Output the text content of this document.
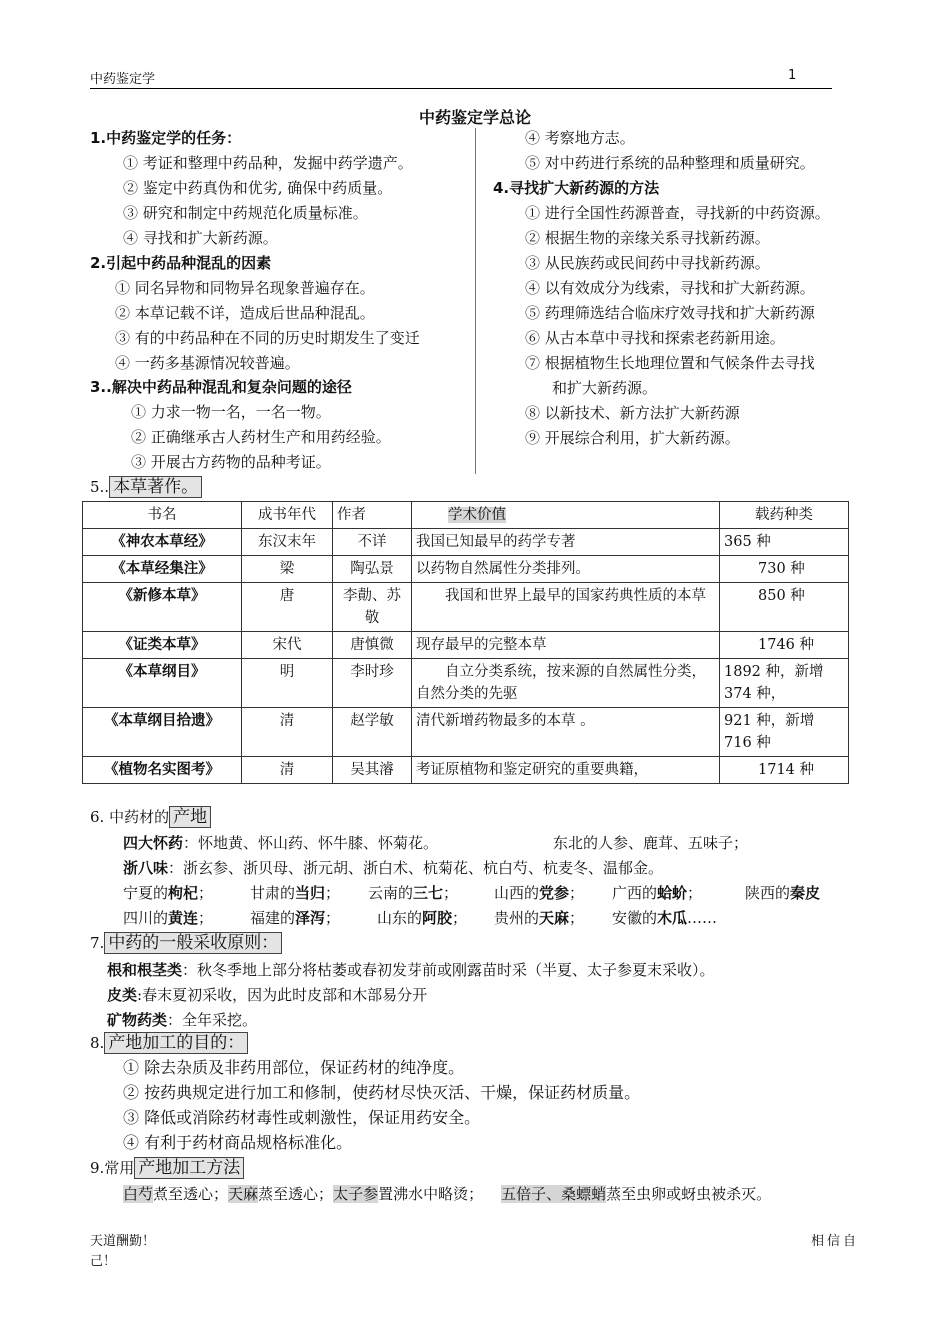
中药鉴定学	1
中药鉴定学总论
1.中药鉴定学的任务：
① 考证和整理中药品种，发掘中药学遗产。
② 鉴定中药真伪和优劣, 确保中药质量。
③ 研究和制定中药规范化质量标准。
④ 寻找和扩大新药源。
2.引起中药品种混乱的因素
① 同名异物和同物异名现象普遍存在。
② 本草记载不详，造成后世品种混乱。
③ 有的中药品种在不同的历史时期发生了变迁
④ 一药多基源情况较普遍。
3..解决中药品种混乱和复杂问题的途径
① 力求一物一名，一名一物。
② 正确继承古人药材生产和用药经验。
③ 开展古方药物的品种考证。
④ 考察地方志。
⑤ 对中药进行系统的品种整理和质量研究。
4.寻找扩大新药源的方法
① 进行全国性药源普查，寻找新的中药资源。
② 根据生物的亲缘关系寻找新药源。
③ 从民族药或民间药中寻找新药源。
④ 以有效成分为线索，寻找和扩大新药源。
⑤ 药理筛选结合临床疗效寻找和扩大新药源
⑥ 从古本草中寻找和探索老药新用途。
⑦ 根据植物生长地理位置和气候条件去寻找
和扩大新药源。
⑧ 以新技术、新方法扩大新药源
⑨ 开展综合利用，扩大新药源。
5.. 本草著作。
书名	成书年代	作者	学术价值	载药种类
《神农本草经》	东汉末年	不详	我国已知最早的药学专著	365 种
《本草经集注》	梁	陶弘景	以药物自然属性分类排列。	730 种
《新修本草》	唐	李勣、苏敬	我国和世界上最早的国家药典性质的本草	850 种
《证类本草》	宋代	唐慎微	现存最早的完整本草	1746 种
《本草纲目》	明	李时珍	自立分类系统，按来源的自然属性分类，自然分类的先驱	1892 种，新增 374 种，
《本草纲目拾遗》	清	赵学敏	清代新增药物最多的本草 。	921 种，新增 716 种
《植物名实图考》	清	吴其濬	考证原植物和鉴定研究的重要典籍，	1714 种
6. 中药材的 产地
四大怀药：怀地黄、怀山药、怀牛膝、怀菊花。	东北的人参、鹿茸、五味子；
浙八味：浙玄参、浙贝母、浙元胡、浙白术、杭菊花、杭白芍、杭麦冬、温郁金。
宁夏的枸杞； 甘肃的当归； 云南的三七； 山西的党参； 广西的蛤蚧；	陕西的秦皮
四川的黄连； 福建的泽泻； 山东的阿胶； 贵州的天麻； 安徽的木瓜……
7. 中药的一般采收原则：
根和根茎类：秋冬季地上部分将枯萎或春初发芽前或刚露苗时采（半夏、太子参夏末采收）。
皮类:春末夏初采收，因为此时皮部和木部易分开
矿物药类：全年采挖。
8. 产地加工的目的：
① 除去杂质及非药用部位，保证药材的纯净度。
② 按药典规定进行加工和修制，使药材尽快灭活、干燥，保证药材质量。
③ 降低或消除药材毒性或刺激性，保证用药安全。
④ 有利于药材商品规格标准化。
9.常用 产地加工方法
白芍煮至透心；天麻蒸至透心；太子参置沸水中略烫； 五倍子、桑螵蛸蒸至虫卵或蚜虫被杀灭。
天道酬勤！
己！
相信自
